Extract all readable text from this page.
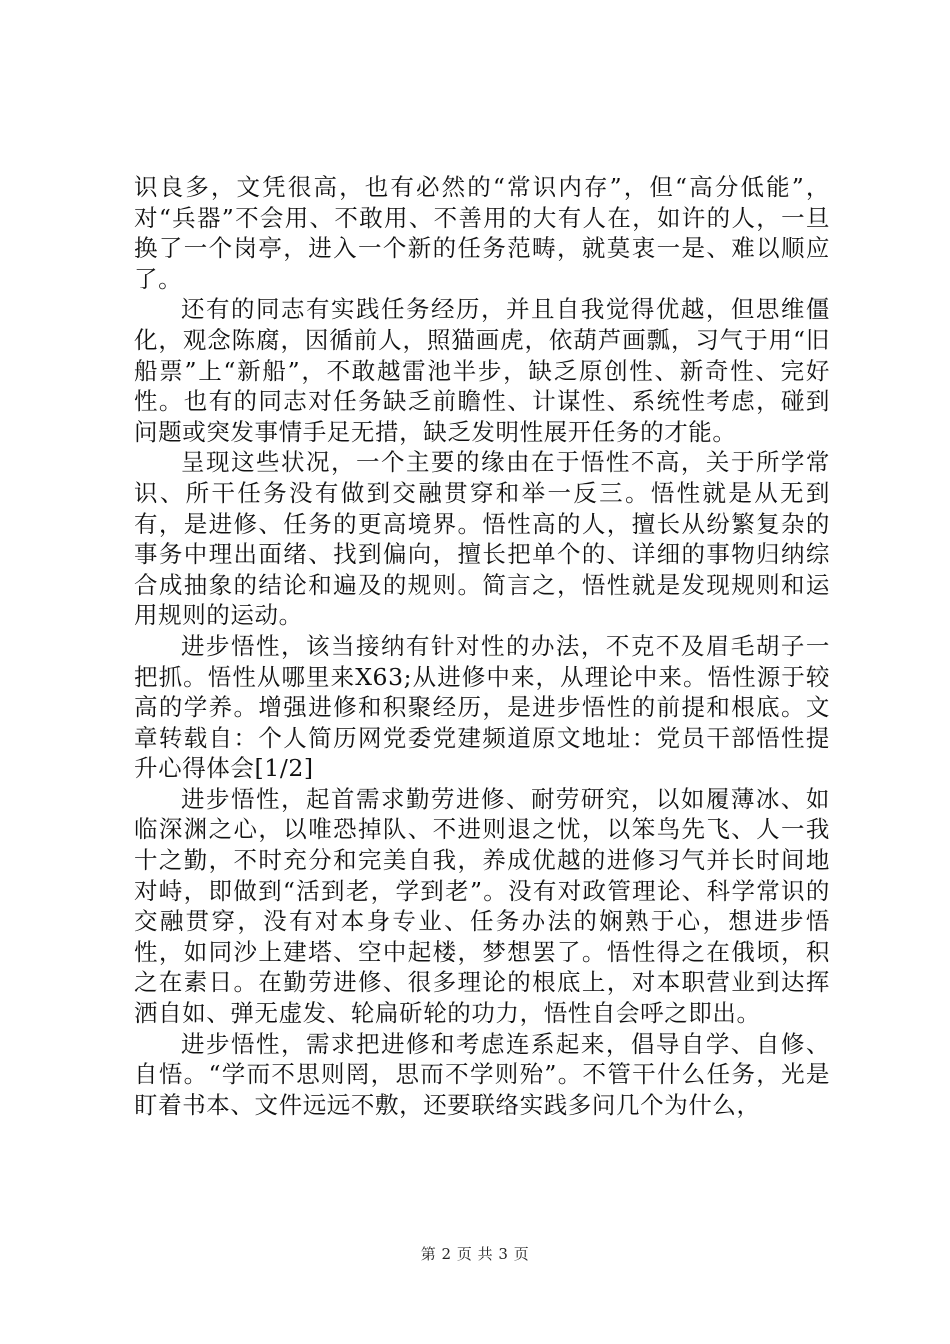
识良多，文凭很高，也有必然的“常识内存”，但“高分低能”，对“兵器”不会用、不敢用、不善用的大有人在，如许的人，一旦换了一个岗亭，进入一个新的任务范畴，就莫衷一是、难以顺应了。

还有的同志有实践任务经历，并且自我觉得优越，但思维僵化，观念陈腐，因循前人，照猫画虎，依葫芦画瓢，习气于用“旧船票”上“新船”，不敢越雷池半步，缺乏原创性、新奇性、完好性。也有的同志对任务缺乏前瞻性、计谋性、系统性考虑，碰到问题或突发事情手足无措，缺乏发明性展开任务的才能。

呈现这些状况，一个主要的缘由在于悟性不高，关于所学常识、所干任务没有做到交融贯穿和举一反三。悟性就是从无到有，是进修、任务的更高境界。悟性高的人，擅长从纷繁复杂的事务中理出面绪、找到偏向，擅长把单个的、详细的事物归纳综合成抽象的结论和遍及的规则。简言之，悟性就是发现规则和运用规则的运动。

进步悟性，该当接纳有针对性的办法，不克不及眉毛胡子一把抓。悟性从哪里来X63;从进修中来，从理论中来。悟性源于较高的学养。增强进修和积聚经历，是进步悟性的前提和根底。文章转载自：个人简历网党委党建频道原文地址：党员干部悟性提升心得体会[1/2]

进步悟性，起首需求勤劳进修、耐劳研究，以如履薄冰、如临深渊之心，以唯恐掉队、不进则退之忧，以笨鸟先飞、人一我十之勤，不时充分和完美自我，养成优越的进修习气并长时间地对峙，即做到“活到老，学到老”。没有对政管理论、科学常识的交融贯穿，没有对本身专业、任务办法的娴熟于心，想进步悟性，如同沙上建塔、空中起楼，梦想罢了。悟性得之在俄顷，积之在素日。在勤劳进修、很多理论的根底上，对本职营业到达挥洒自如、弹无虚发、轮扁斫轮的功力，悟性自会呼之即出。

进步悟性，需求把进修和考虑连系起来，倡导自学、自修、自悟。“学而不思则罔，思而不学则殆”。不管干什么任务，光是盯着书本、文件远远不敷，还要联络实践多问几个为什么，

第 2 页 共 3 页
